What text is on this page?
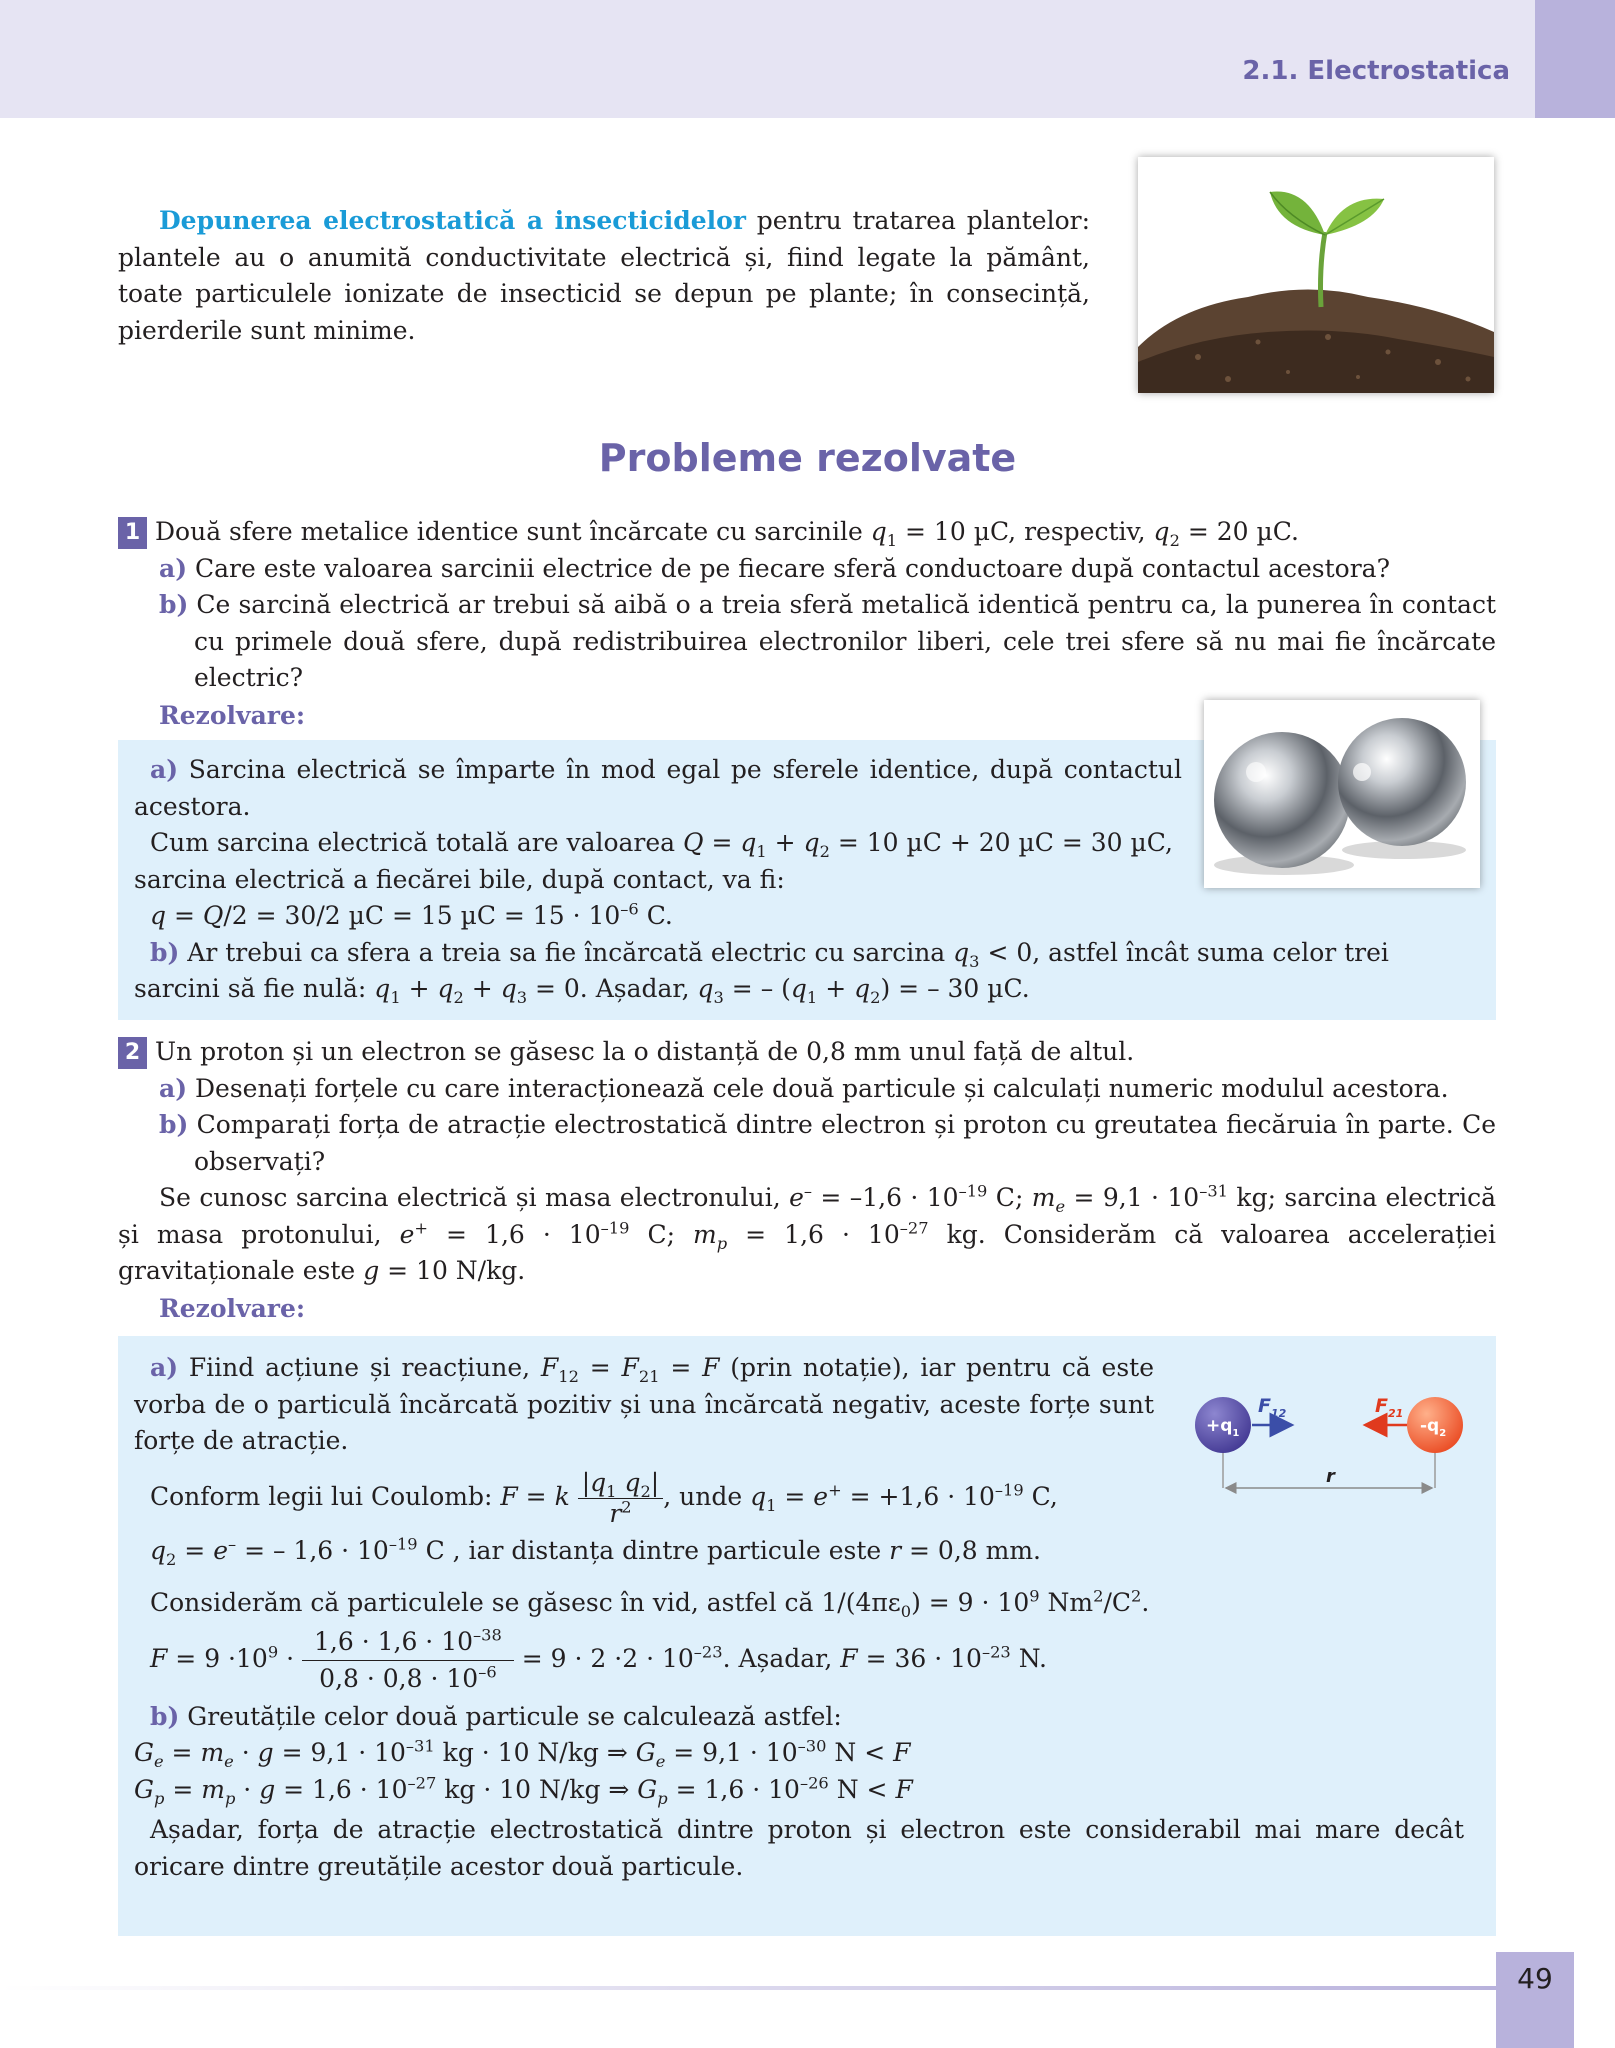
2.1. Electrostatica

Depunerea electrostatică a insecticidelor pentru tratarea plantelor: plantele au o anumită conductivitate electrică și, fiind legate la pământ, toate particulele ionizate de insecticid se depun pe plante; în consecință, pierderile sunt minime.

Probleme rezolvate

1 Două sfere metalice identice sunt încărcate cu sarcinile $q_1 = 10$ µC, respectiv, $q_2 = 20$ µC.

a) Care este valoarea sarcinii electrice de pe fiecare sferă conductoare după contactul acestora?

b) Ce sarcină electrică ar trebui să aibă o a treia sferă metalică identică pentru ca, la punerea în contact cu primele două sfere, după redistribuirea electronilor liberi, cele trei sfere să nu mai fie încărcate electric?

Rezolvare:

a) Sarcina electrică se împarte în mod egal pe sferele identice, după contactul acestora.

Cum sarcina electrică totală are valoarea $Q = q_1 + q_2 = 10$ µC + 20 µC = 30 µC, sarcina electrică a fiecărei bile, după contact, va fi:

q = Q/2 = 30/2 µC = 15 $\mu C = 15 \cdot 10^{-6}$ C.

b) Ar trebui ca sfera a treia sa fie încărcată electric cu sarcina $q_3 < 0$, astfel încât suma celor trei sarcini să fie nulă: $q_1 + q_2 + q_3 = 0$. Așadar, $q_3$ = – $(q_1 + q_2)$ = – 30 µC.

2 Un proton și un electron se găsesc la o distanță de 0,8 mm unul față de altul.

a) Desenați forțele cu care interacționează cele două particule și calculați numeric modulul acestora.

b) Comparați forța de atracție electrostatică dintre electron și proton cu greutatea fiecăruia în parte. Ce observați?

Se cunosc sarcina electrică și masa electronului, $e^- = -1,6 \cdot 10^{-19}$ C; $m_e = 9,1 \cdot 10^{-31}$ kg; sarcina electrică și masa protonului, $e^+ = 1,6 \cdot 10^{-19}$ C; $m_p = 1,6 \cdot 10^{-27}$ kg. Considerăm că valoarea accelerației gravitaționale este g = 10 N/kg.

Rezolvare:

a) Fiind acțiune și reacțiune, $F_{12} = F_{21} = F$ (prin notație), iar pentru că este vorba de o particulă încărcată pozitiv și una încărcată negativ, aceste forțe sunt forțe de atracție.

Conform legii lui Coulomb: F = k $\frac{|q_1 q_2|}{r^2}$ , unde $q_1 = e^+ = +1,6 \cdot 10^{-19}$ C,

$q_2 = e^-$ = – $1,6 \cdot 10^{-19}$ C , iar distanța dintre particule este r = 0,8 mm.

Considerăm că particulele se găsesc în vid, astfel că $1/(4\pi\varepsilon_0) = 9 \cdot 10^9$ $Nm^2/C^2$.

$F = 9 \cdot 10^9 \cdot \frac{1,6 \cdot 1,6 \cdot 10^{-38}}{0,8 \cdot 0,8 \cdot 10^{-6}} = 9 \cdot 2 \cdot 2 \cdot 10^{-23}$. Așadar, $F = 36 \cdot 10^{-23}$ N.

b) Greutățile celor două particule se calculează astfel:

$G_e = m_e \cdot g = 9,1 \cdot 10^{-31}$ kg · 10 N/kg ⇒ $G_e = 9,1 \cdot 10^{-30}$ N < F

$G_p = m_p \cdot g = 1,6 \cdot 10^{-27}$ kg · 10 N/kg ⇒ $G_p = 1,6 \cdot 10^{-26}$ N < F

Așadar, forța de atracție electrostatică dintre proton și electron este considerabil mai mare decât oricare dintre greutățile acestor două particule.

r
$F_{12}$	$F_{21}$
$+q_1$	$-q_2$
49
